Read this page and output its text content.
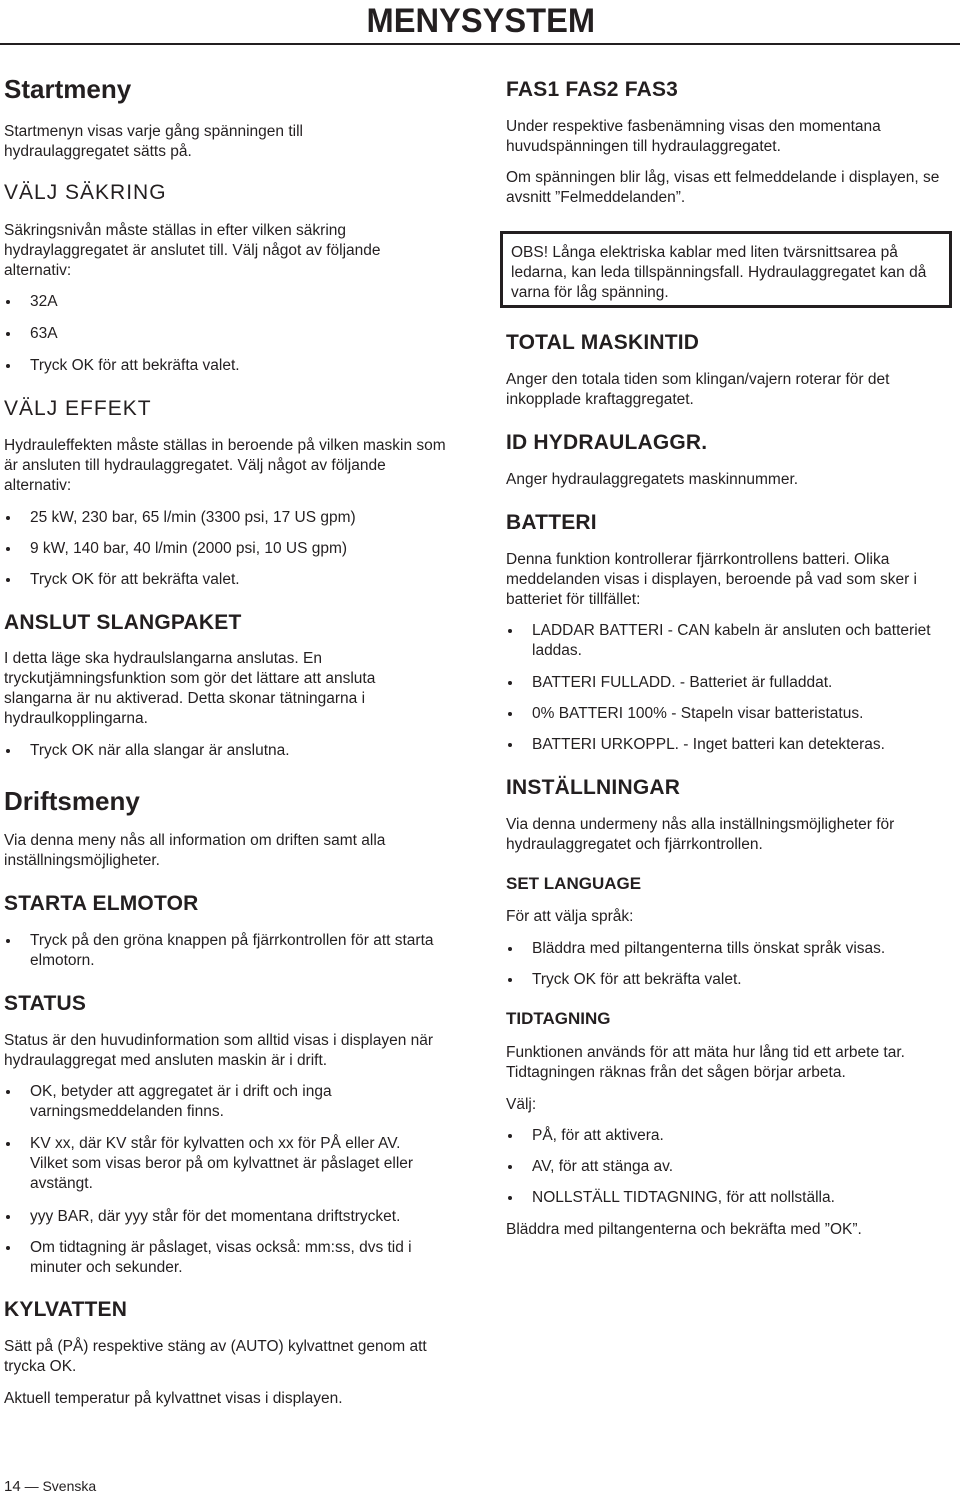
MENYSYSTEM
Startmeny
Startmenyn visas varje gång spänningen till hydraulaggregatet sätts på.
VÄLJ SÄKRING
Säkringsnivån måste ställas in efter vilken säkring hydraylaggregatet är anslutet till. Välj något av följande alternativ:
32A
63A
Tryck OK för att bekräfta valet.
VÄLJ EFFEKT
Hydrauleffekten måste ställas in beroende på vilken maskin som är ansluten till hydraulaggregatet. Välj något av följande alternativ:
25 kW, 230 bar, 65 l/min (3300 psi, 17 US gpm)
9 kW, 140 bar, 40 l/min (2000 psi, 10 US gpm)
Tryck OK för att bekräfta valet.
ANSLUT SLANGPAKET
I detta läge ska hydraulslangarna anslutas. En tryckutjämningsfunktion som gör det lättare att ansluta slangarna är nu aktiverad. Detta skonar tätningarna i hydraulkopplingarna.
Tryck OK när alla slangar är anslutna.
Driftsmeny
Via denna meny nås all information om driften samt alla inställningsmöjligheter.
STARTA ELMOTOR
Tryck på den gröna knappen på fjärrkontrollen för att starta elmotorn.
STATUS
Status är den huvudinformation som alltid visas i displayen när hydraulaggregat med ansluten maskin är i drift.
OK, betyder att aggregatet är i drift och inga varningsmeddelanden finns.
KV xx, där KV står för kylvatten och xx för PÅ eller AV. Vilket som visas beror på om kylvattnet är påslaget eller avstängt.
yyy BAR, där yyy står för det momentana driftstrycket.
Om tidtagning är påslaget, visas också: mm:ss, dvs tid i minuter och sekunder.
KYLVATTEN
Sätt på (PÅ) respektive stäng av (AUTO) kylvattnet genom att trycka OK.
Aktuell temperatur på kylvattnet visas i displayen.
FAS1 FAS2 FAS3
Under respektive fasbenämning visas den momentana huvudspänningen till hydraulaggregatet.
Om spänningen blir låg, visas ett felmeddelande i displayen, se avsnitt ”Felmeddelanden”.
TOTAL MASKINTID
Anger den totala tiden som klingan/vajern roterar för det inkopplade kraftaggregatet.
ID HYDRAULAGGR.
Anger hydraulaggregatets maskinnummer.
BATTERI
Denna funktion kontrollerar fjärrkontrollens batteri. Olika meddelanden visas i displayen, beroende på vad som sker i batteriet för tillfället:
LADDAR BATTERI - CAN kabeln är ansluten och batteriet laddas.
BATTERI FULLADD. - Batteriet är fulladdat.
0% BATTERI 100% - Stapeln visar batteristatus.
BATTERI URKOPPL. - Inget batteri kan detekteras.
INSTÄLLNINGAR
Via denna undermeny nås alla inställningsmöjligheter för hydraulaggregatet och fjärrkontrollen.
SET LANGUAGE
För att välja språk:
Bläddra med piltangenterna tills önskat språk visas.
Tryck OK för att bekräfta valet.
TIDTAGNING
Funktionen används för att mäta hur lång tid ett arbete tar. Tidtagningen räknas från det sågen börjar arbeta.
Välj:
PÅ, för att aktivera.
AV, för att stänga av.
NOLLSTÄLL TIDTAGNING, för att nollställa.
Bläddra med piltangenterna och bekräfta med ”OK”.
OBS! Långa elektriska kablar med liten tvärsnittsarea på ledarna, kan leda tillspänningsfall. Hydraulaggregatet kan då varna för låg spänning.
14 — Svenska
